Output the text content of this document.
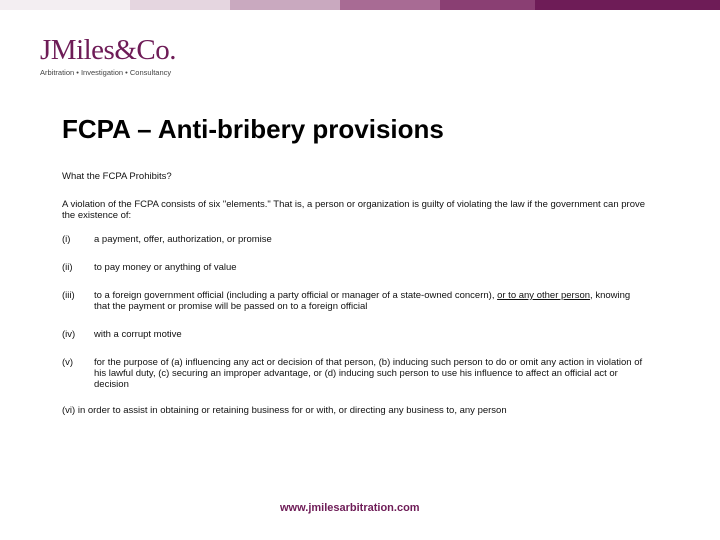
JMiles&Co.
Arbitration • Investigation • Consultancy
FCPA – Anti-bribery provisions

What the FCPA Prohibits?

A violation of the FCPA consists of six "elements." That is, a person or organization is guilty of violating the law if the government can prove the existence of:

(i)	a payment, offer, authorization, or promise
(ii)	to pay money or anything of value
(iii)	to a foreign government official (including a party official or manager of a state-owned concern), or to any other person, knowing that the payment or promise will be passed on to a foreign official
(iv)	with a corrupt motive
(v)	for the purpose of (a) influencing any act or decision of that person, (b) inducing such person to do or omit any action in violation of his lawful duty, (c) securing an improper advantage, or (d) inducing such person to use his influence to affect an official act or decision

(vi) in order to assist in obtaining or retaining business for or with, or directing any business to, any person

www.jmilesarbitration.com
